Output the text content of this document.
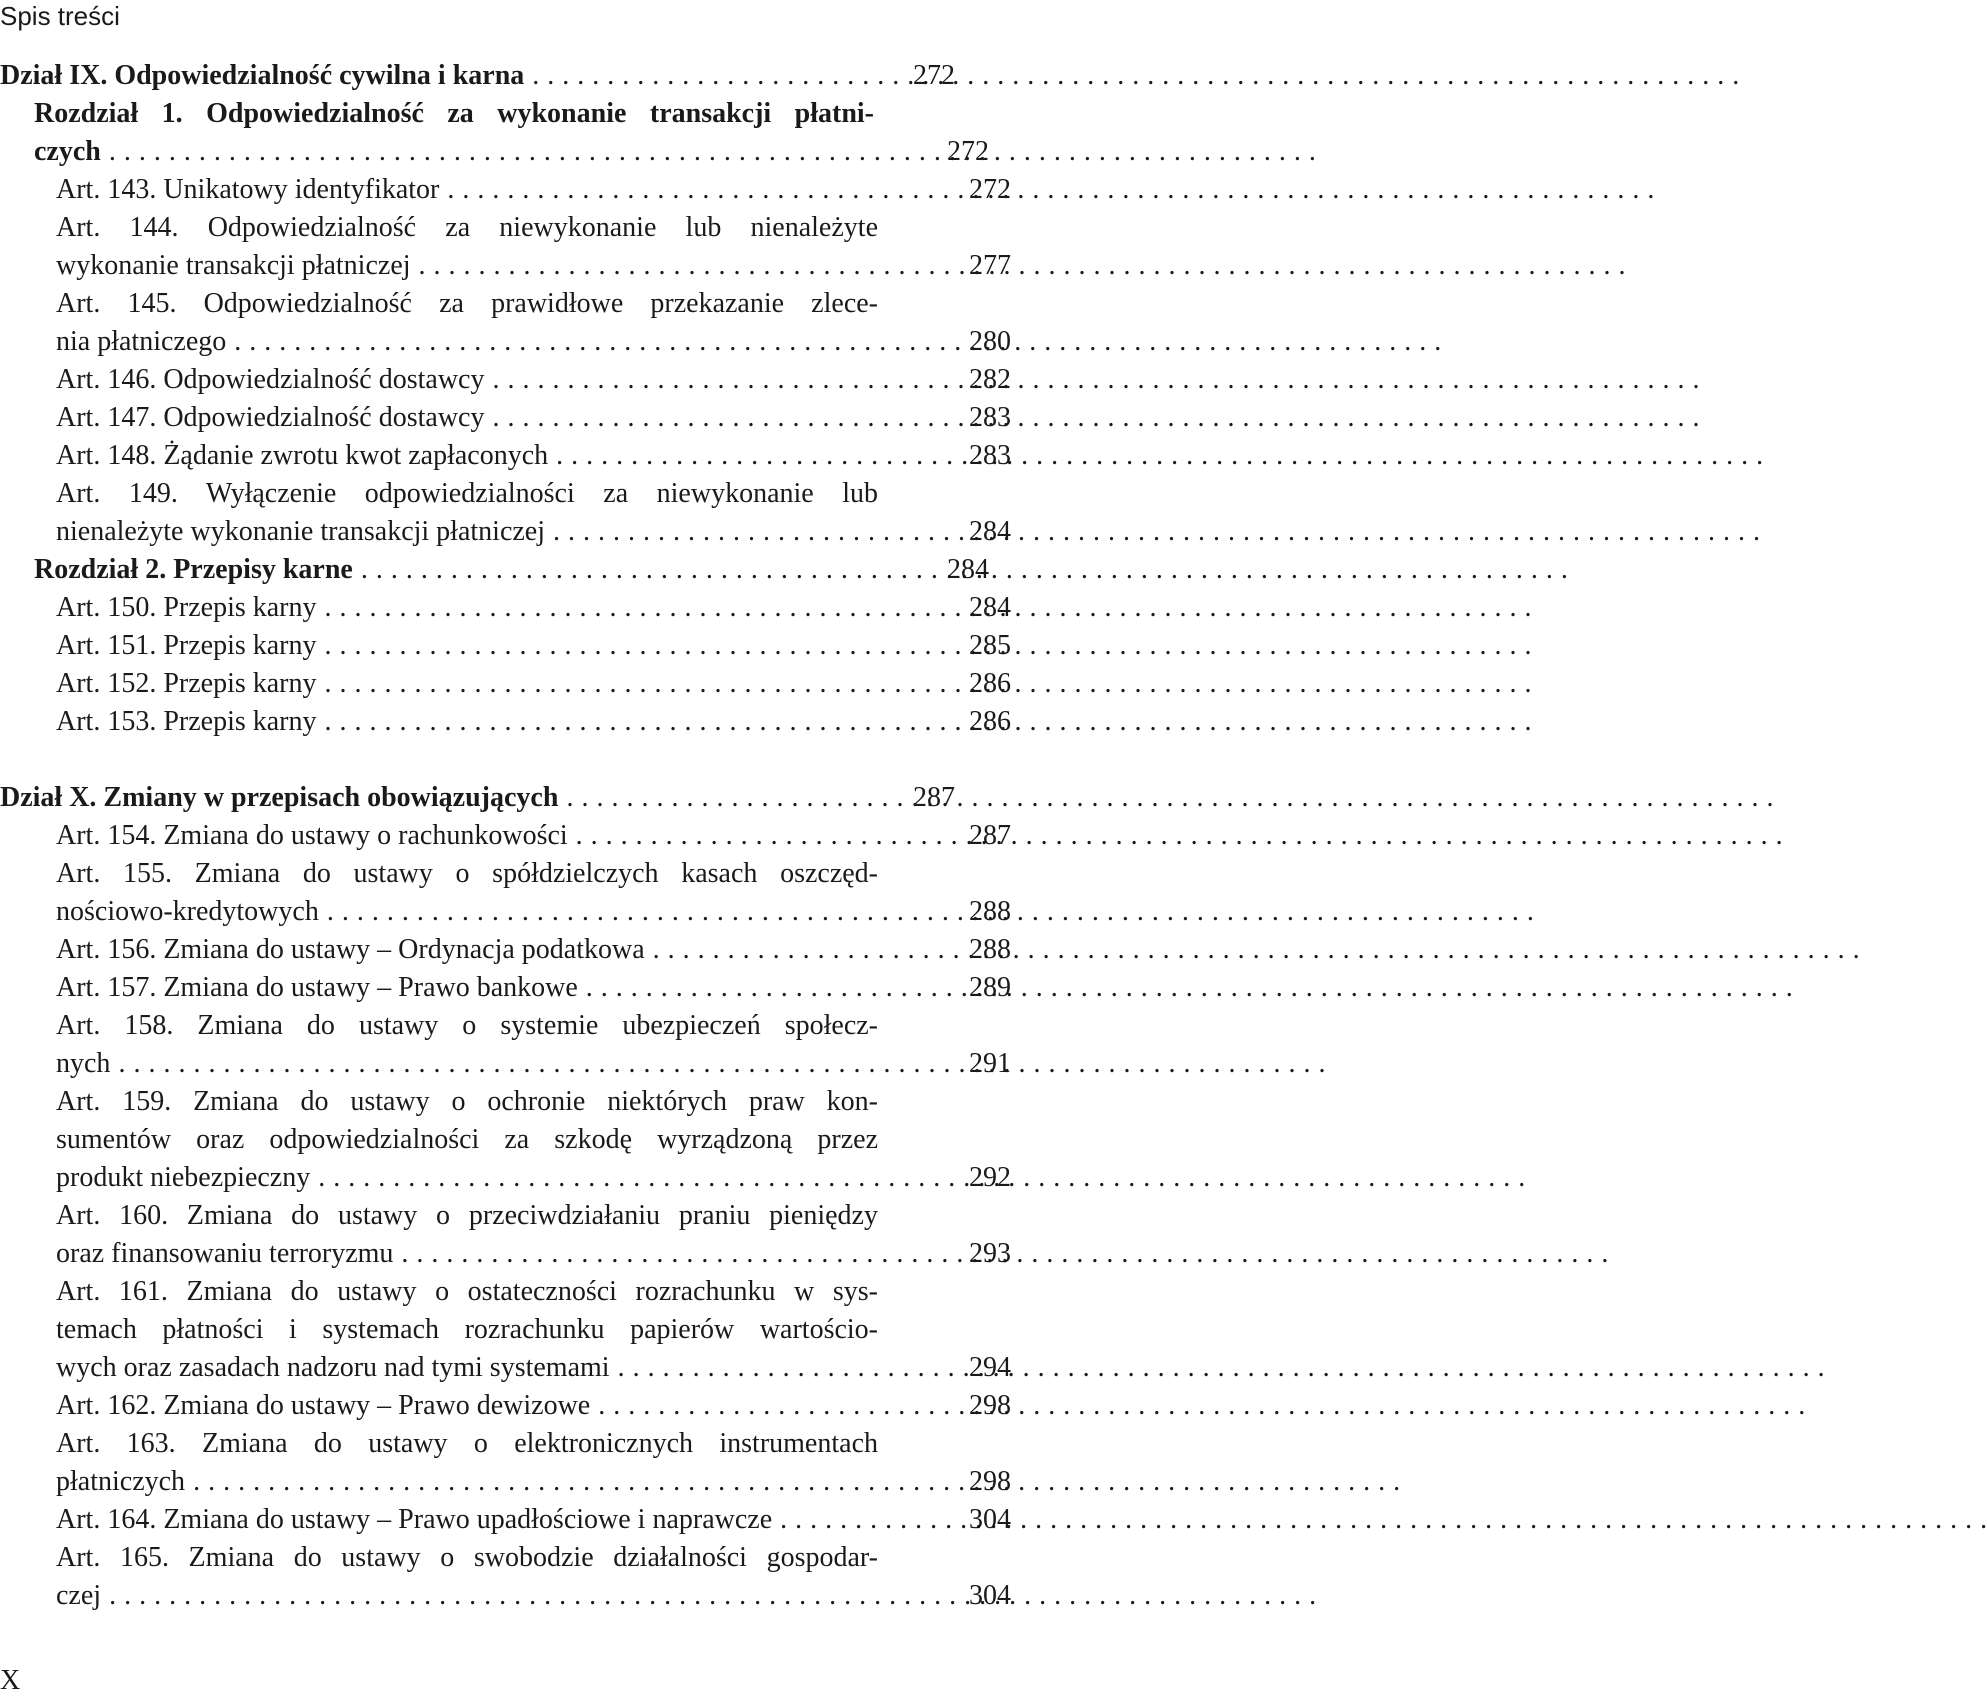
Spis treści
Dział IX. Odpowiedzialność cywilna i karna . . .	272
Rozdział 1. Odpowiedzialność za wykonanie transakcji płatni-
czych . . .	272
Art. 143. Unikatowy identyfikator . . .	272
Art. 144. Odpowiedzialność za niewykonanie lub nienależyte
wykonanie transakcji płatniczej . . .	277
Art. 145. Odpowiedzialność za prawidłowe przekazanie zlece-
nia płatniczego . . .	280
Art. 146. Odpowiedzialność dostawcy . . .	282
Art. 147. Odpowiedzialność dostawcy . . .	283
Art. 148. Żądanie zwrotu kwot zapłaconych . . .	283
Art. 149. Wyłączenie odpowiedzialności za niewykonanie lub
nienależyte wykonanie transakcji płatniczej . . .	284
Rozdział 2. Przepisy karne . . .	284
Art. 150. Przepis karny . . .	284
Art. 151. Przepis karny . . .	285
Art. 152. Przepis karny . . .	286
Art. 153. Przepis karny . . .	286
Dział X. Zmiany w przepisach obowiązujących . . .	287
Art. 154. Zmiana do ustawy o rachunkowości . . .	287
Art. 155. Zmiana do ustawy o spółdzielczych kasach oszczęd-
nościowo-kredytowych . . .	288
Art. 156. Zmiana do ustawy – Ordynacja podatkowa . . .	288
Art. 157. Zmiana do ustawy – Prawo bankowe . . .	289
Art. 158. Zmiana do ustawy o systemie ubezpieczeń społecz-
nych . . .	291
Art. 159. Zmiana do ustawy o ochronie niektórych praw kon-
sumentów oraz odpowiedzialności za szkodę wyrządzoną przez
produkt niebezpieczny . . .	292
Art. 160. Zmiana do ustawy o przeciwdziałaniu praniu pieniędzy
oraz finansowaniu terroryzmu . . .	293
Art. 161. Zmiana do ustawy o ostateczności rozrachunku w sys-
temach płatności i systemach rozrachunku papierów wartościo-
wych oraz zasadach nadzoru nad tymi systemami . . .	294
Art. 162. Zmiana do ustawy – Prawo dewizowe . . .	298
Art. 163. Zmiana do ustawy o elektronicznych instrumentach
płatniczych . . .	298
Art. 164. Zmiana do ustawy – Prawo upadłościowe i naprawcze . . .	304
Art. 165. Zmiana do ustawy o swobodzie działalności gospodar-
czej . . .	304
X
